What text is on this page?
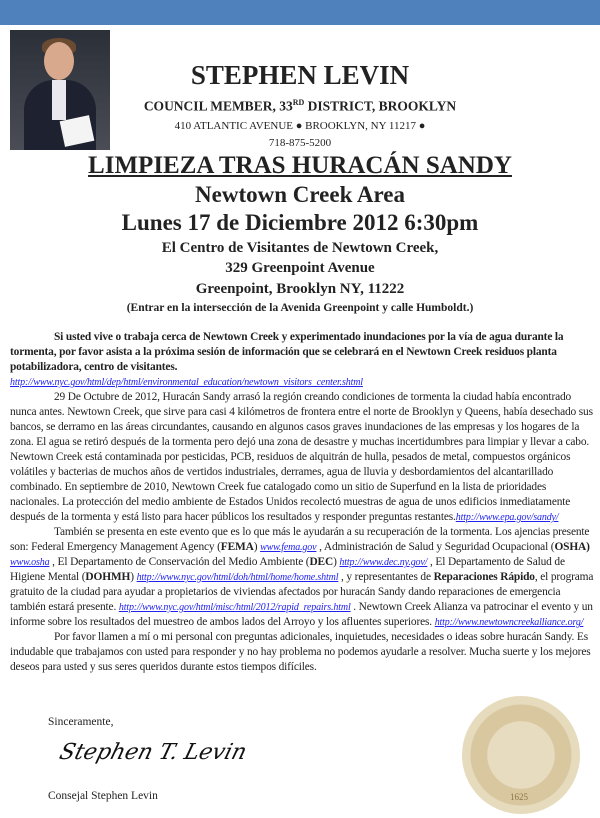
STEPHEN LEVIN
COUNCIL MEMBER, 33RD DISTRICT, BROOKLYN
410 ATLANTIC AVENUE ● BROOKLYN, NY 11217 ●
718-875-5200
LIMPIEZA TRAS HURACÁN SANDY
Newtown Creek Area
Lunes 17 de Diciembre 2012 6:30pm
El Centro de Visitantes de Newtown Creek,
329 Greenpoint Avenue
Greenpoint, Brooklyn NY, 11222
(Entrar en la intersección de la Avenida Greenpoint y calle Humboldt.)

Si usted vive o trabaja cerca de Newtown Creek y experimentado inundaciones por la vía de agua durante la tormenta, por favor asista a la próxima sesión de información que se celebrará en el Newtown Creek residuos planta potabilizadora, centro de visitantes.

http://www.nyc.gov/html/dep/html/environmental_education/newtown_visitors_center.shtml

29 De Octubre de 2012, Huracán Sandy arrasó la región creando condiciones de tormenta la ciudad había encontrado nunca antes. Newtown Creek, que sirve para casi 4 kilómetros de frontera entre el norte de Brooklyn y Queens, había desechado sus bancos, se derramo en las áreas circundantes, causando en algunos casos graves inundaciones de las empresas y los hogares de la zona. El agua se retiró después de la tormenta pero dejó una zona de desastre y muchas incertidumbres para limpiar y llevar a cabo. Newtown Creek está contaminada por pesticidas, PCB, residuos de alquitrán de hulla, pesados de metal, compuestos orgánicos volátiles y bacterias de muchos años de vertidos industriales, derrames, agua de lluvia y desbordamientos del alcantarillado combinado. En septiembre de 2010, Newtown Creek fue catalogado como un sitio de Superfund en la lista de prioridades nacionales. La protección del medio ambiente de Estados Unidos recolectó muestras de agua de unos edificios inmediatamente después de la tormenta y está listo para hacer públicos los resultados y responder preguntas restantes.http://www.epa.gov/sandy/

También se presenta en este evento que es lo que más le ayudarán a su recuperación de la tormenta. Los ajencias presente son: Federal Emergency Management Agency (FEMA) www.fema.gov , Administración de Salud y Seguridad Ocupacional (OSHA) www.osha , El Departamento de Conservación del Medio Ambiente (DEC) http://www.dec.ny.gov/ , El Departamento de Salud de Higiene Mental (DOHMH) http://www.nyc.gov/html/doh/html/home/home.shtml , y representantes de Reparaciones Rápido, el programa gratuito de la ciudad para ayudar a propietarios de viviendas afectados por huracán Sandy dando reparaciones de emergencia también estará presente. http://www.nyc.gov/html/misc/html/2012/rapid_repairs.html . Newtown Creek Alianza va patrocinar el evento y un informe sobre los resultados del muestreo de ambos lados del Arroyo y los afluentes superiores. http://www.newtowncreekalliance.org/

Por favor llamen a mí o mi personal con preguntas adicionales, inquietudes, necesidades o ideas sobre huracán Sandy. Es indudable que trabajamos con usted para responder y no hay problema no podemos ayudarle a resolver. Mucha suerte y los mejores deseos para usted y sus seres queridos durante estos tiempos difíciles.

Sinceramente,
Stephen T. Levin
Consejal Stephen Levin	1625
